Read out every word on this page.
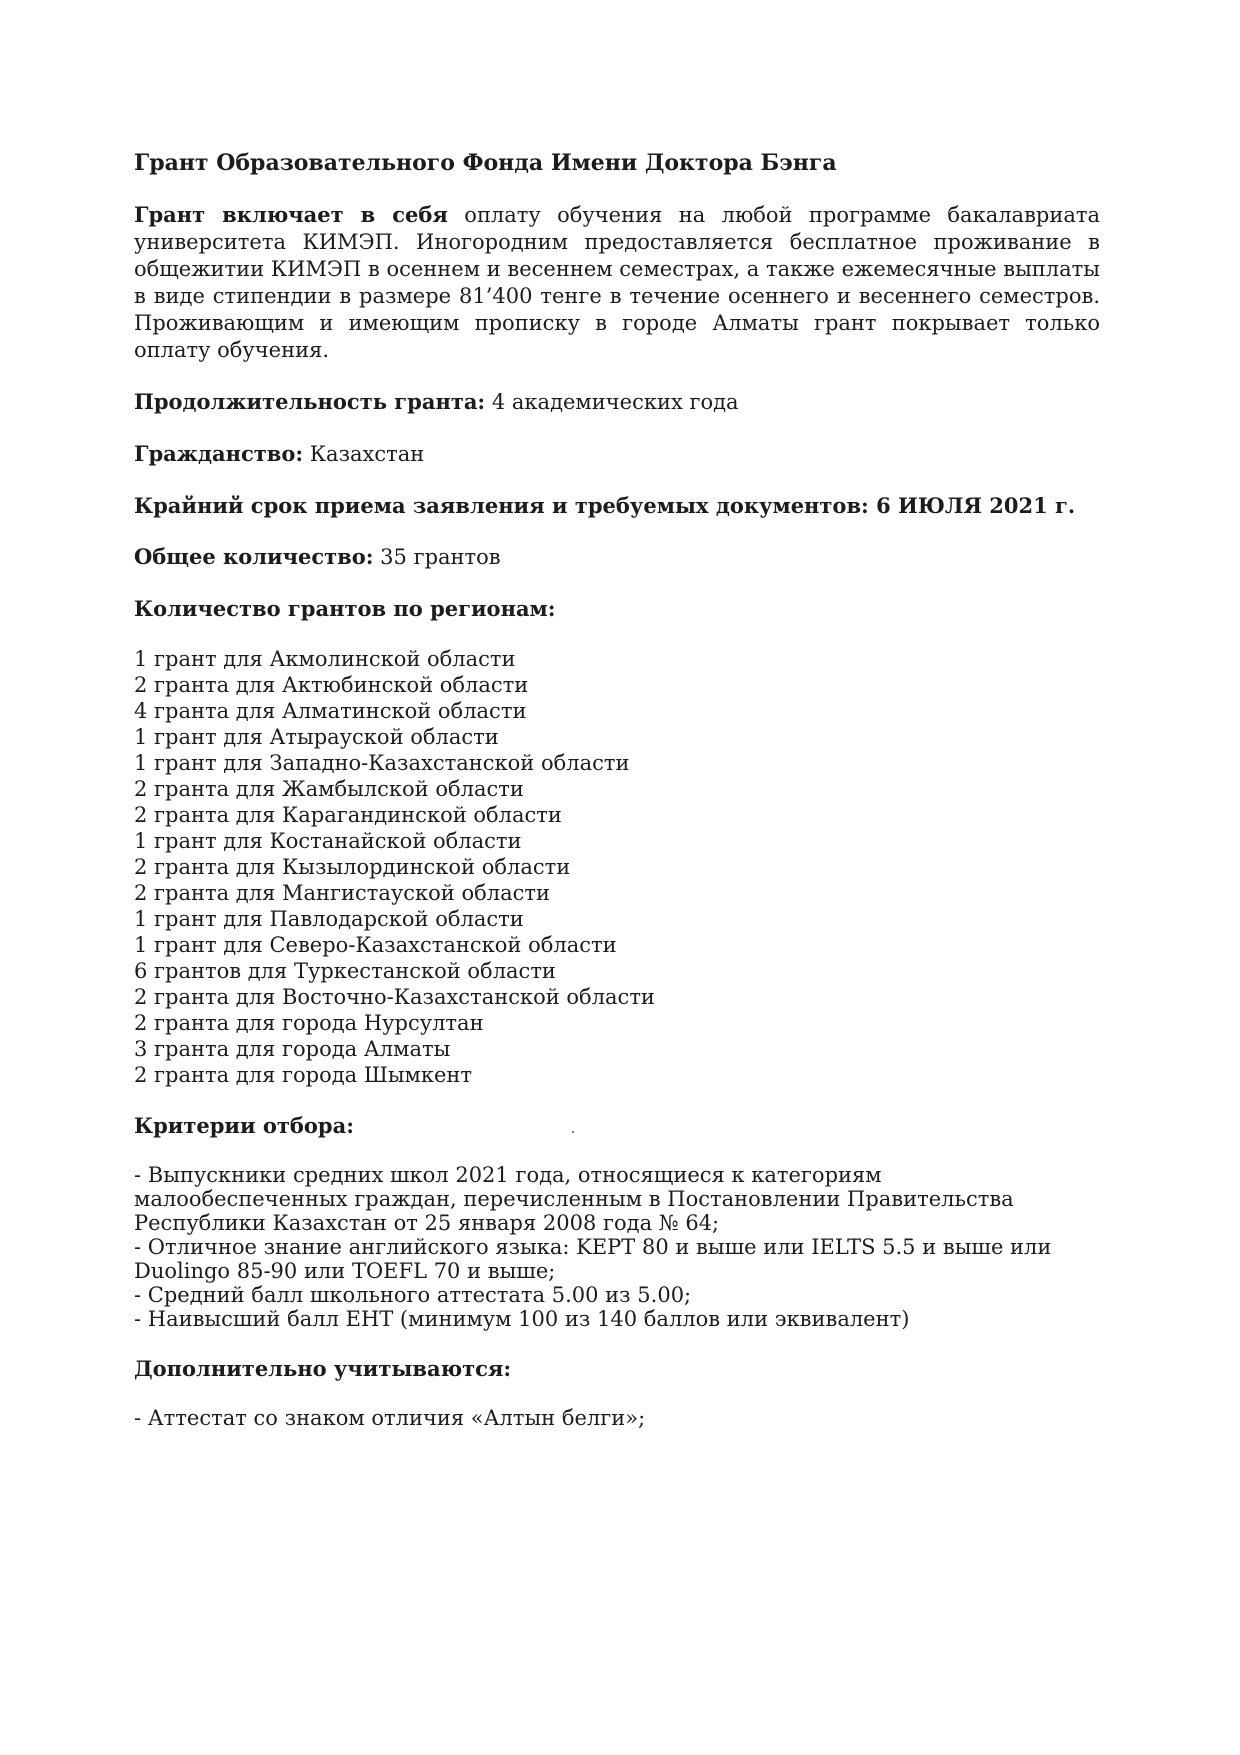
Грант Образовательного Фонда Имени Доктора Бэнга

Грант включает в себя оплату обучения на любой программе бакалавриата университета КИМЭП. Иногородним предоставляется бесплатное проживание в общежитии КИМЭП в осеннем и весеннем семестрах, а также ежемесячные выплаты в виде стипендии в размере 81’400 тенге в течение осеннего и весеннего семестров. Проживающим и имеющим прописку в городе Алматы грант покрывает только оплату обучения.

Продолжительность гранта: 4 академических года
Гражданство: Казахстан
Крайний срок приема заявления и требуемых документов: 6 ИЮЛЯ 2021 г.
Общее количество: 35 грантов
Количество грантов по регионам:
1 грант для Акмолинской области
2 гранта для Актюбинской области
4 гранта для Алматинской области
1 грант для Атырауской области
1 грант для Западно-Казахстанской области
2 гранта для Жамбылской области
2 гранта для Карагандинской области
1 грант для Костанайской области
2 гранта для Кызылординской области
2 гранта для Мангистауской области
1 грант для Павлодарской области
1 грант для Северо-Казахстанской области
6 грантов для Туркестанской области
2 гранта для Восточно-Казахстанской области
2 гранта для города Нурсултан
3 гранта для города Алматы
2 гранта для города Шымкент
Критерии отбора:

- Выпускники средних школ 2021 года, относящиеся к категориям малообеспеченных граждан, перечисленным в Постановлении Правительства Республики Казахстан от 25 января 2008 года № 64;

- Отличное знание английского языка: KEPT 80 и выше или IELTS 5.5 и выше или Duolingo 85-90 или TOEFL 70 и выше;

- Средний балл школьного аттестата 5.00 из 5.00;

- Наивысший балл ЕНТ (минимум 100 из 140 баллов или эквивалент)

Дополнительно учитываются:

- Аттестат со знаком отличия «Алтын белги»;
